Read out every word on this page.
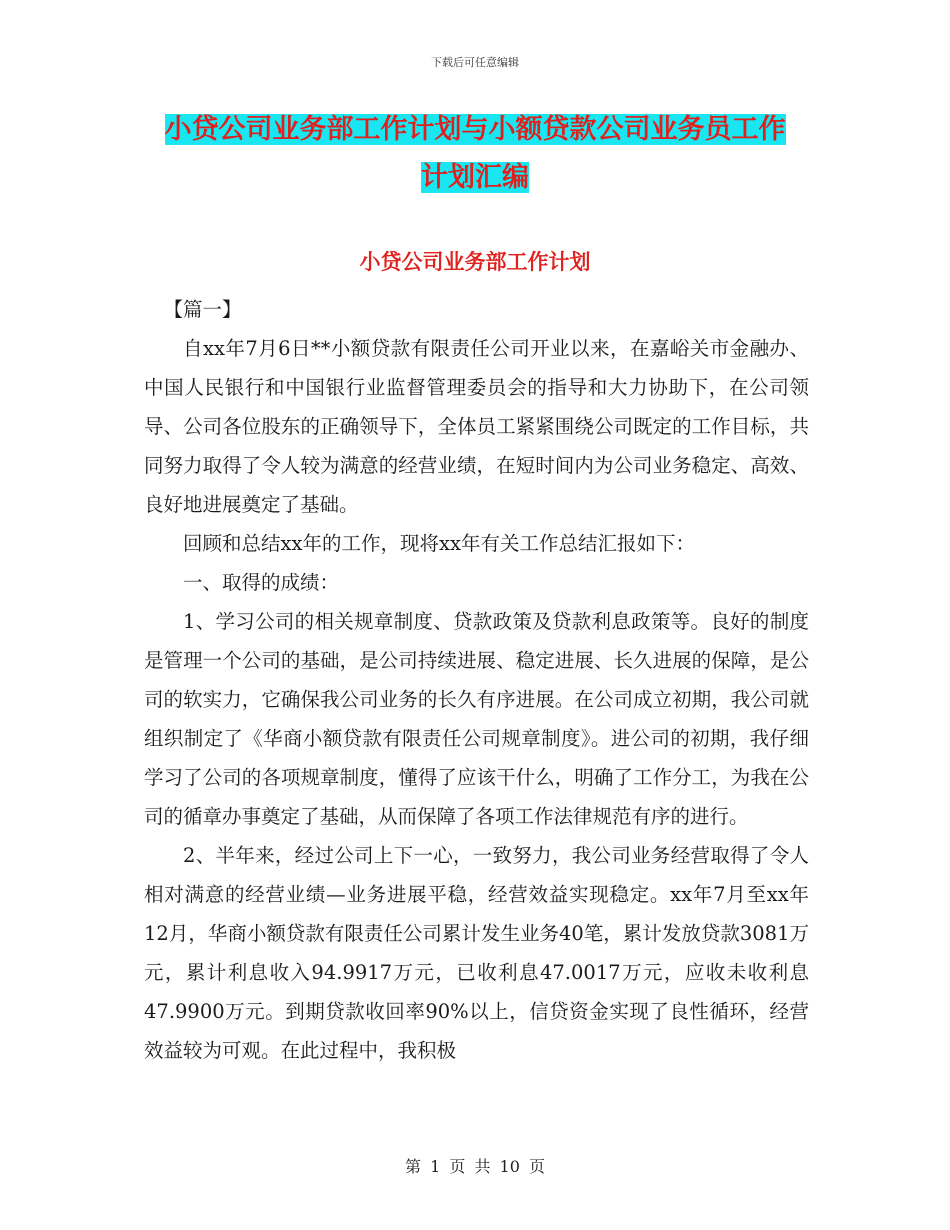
下载后可任意编辑
小贷公司业务部工作计划与小额贷款公司业务员工作
计划汇编
小贷公司业务部工作计划

【篇一】

自xx年7月6日**小额贷款有限责任公司开业以来，在嘉峪关市金融办、中国人民银行和中国银行业监督管理委员会的指导和大力协助下，在公司领导、公司各位股东的正确领导下，全体员工紧紧围绕公司既定的工作目标，共同努力取得了令人较为满意的经营业绩，在短时间内为公司业务稳定、高效、良好地进展奠定了基础。

回顾和总结xx年的工作，现将xx年有关工作总结汇报如下：

一、取得的成绩：

1、学习公司的相关规章制度、贷款政策及贷款利息政策等。良好的制度是管理一个公司的基础，是公司持续进展、稳定进展、长久进展的保障，是公司的软实力，它确保我公司业务的长久有序进展。在公司成立初期，我公司就组织制定了《华商小额贷款有限责任公司规章制度》。进公司的初期，我仔细学习了公司的各项规章制度，懂得了应该干什么，明确了工作分工，为我在公司的循章办事奠定了基础，从而保障了各项工作法律规范有序的进行。

2、半年来，经过公司上下一心，一致努力，我公司业务经营取得了令人相对满意的经营业绩—业务进展平稳，经营效益实现稳定。xx年7月至xx年12月，华商小额贷款有限责任公司累计发生业务40笔，累计发放贷款3081万元，累计利息收入94.9917万元，已收利息47.0017万元，应收未收利息47.9900万元。到期贷款收回率90%以上，信贷资金实现了良性循环，经营效益较为可观。在此过程中，我积极

第 1 页 共 10 页
